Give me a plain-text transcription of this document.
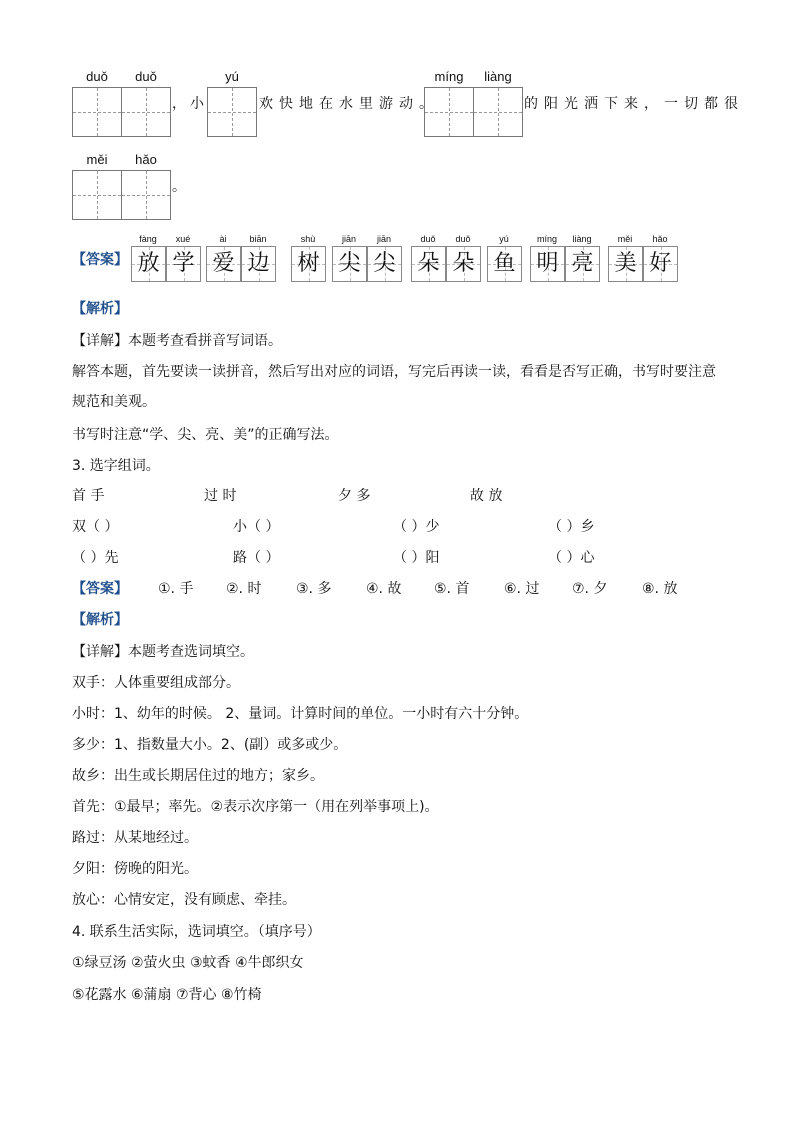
duǒ duǒ
， 小
yú
欢快地在水里游动。
míng liàng
的阳光洒下来，一切都很
měi hǎo
。
【答案】
fàng
放
xué
学
ài
爱
biān
边
shù
树
jiān
尖
jiān
尖
duǒ
朵
duǒ
朵
yú
鱼
míng
明
liàng
亮
měi
美
hǎo
好
【解析】
【详解】本题考查看拼音写词语。
解答本题，首先要读一读拼音，然后写出对应的词语，写完后再读一读，看看是否写正确，书写时要注意
规范和美观。
书写时注意“学、尖、亮、美”的正确写法。
3. 选字组词。
首 手	过 时	夕 多	故 放
双（ ）	小（ ）	（ ）少	（ ）乡
（ ）先	路（ ）	（ ）阳	（ ）心
【答案】 ①. 手 ②. 时 ③. 多 ④. 故 ⑤. 首 ⑥. 过 ⑦. 夕 ⑧. 放
【解析】
【详解】本题考查选词填空。
双手：人体重要组成部分。
小时：1、幼年的时候。 2、量词。计算时间的单位。一小时有六十分钟。
多少：1、指数量大小。2、(副）或多或少。
故乡：出生或长期居住过的地方；家乡。
首先：①最早；率先。②表示次序第一（用在列举事项上)。
路过：从某地经过。
夕阳：傍晚的阳光。
放心：心情安定，没有顾虑、牵挂。
4. 联系生活实际，选词填空。（填序号）
①绿豆汤 ②萤火虫 ③蚊香 ④牛郎织女
⑤花露水 ⑥蒲扇 ⑦背心 ⑧竹椅
